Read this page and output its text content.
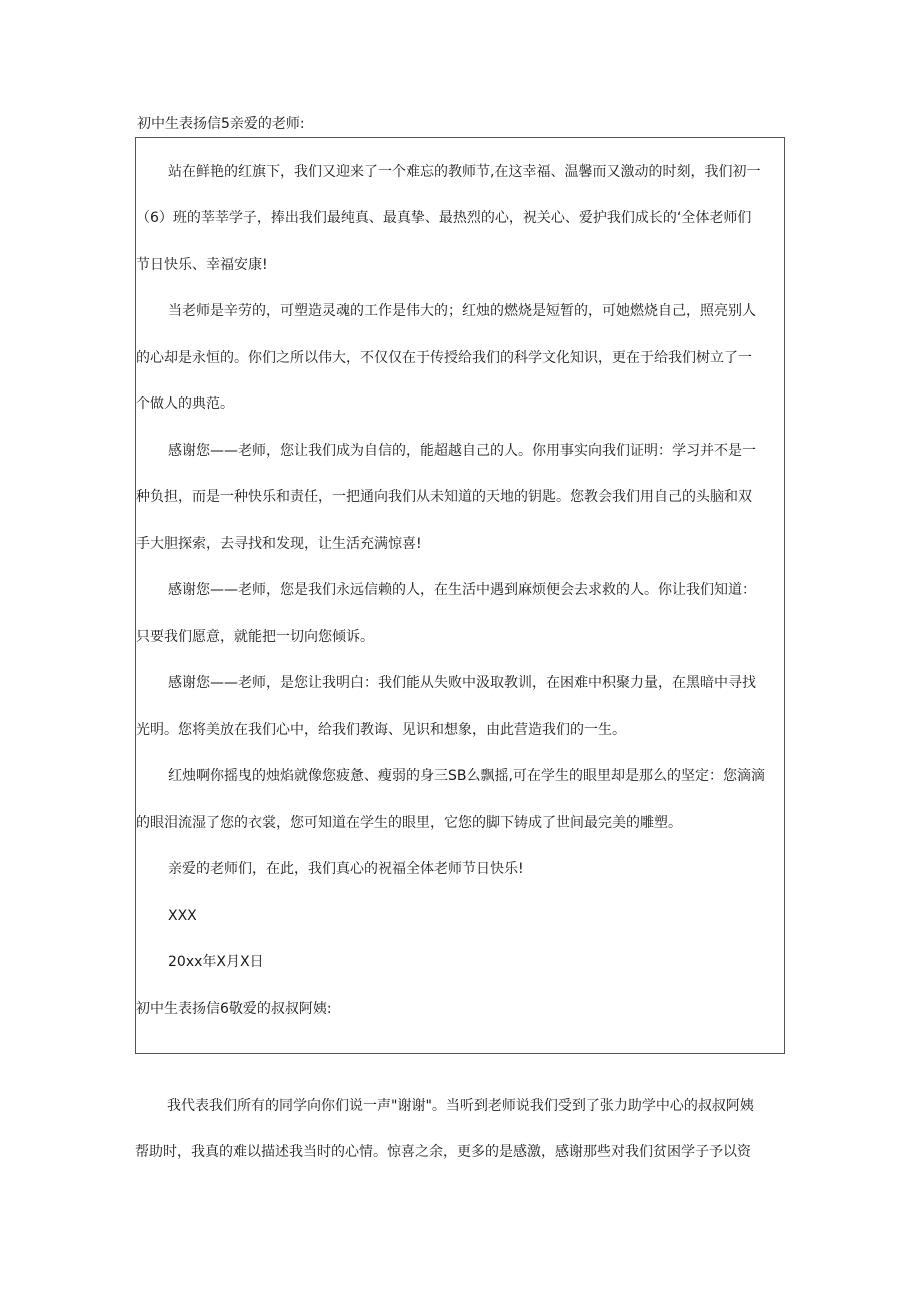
初中生表扬信5亲爱的老师:
站在鲜艳的红旗下，我们又迎来了一个难忘的教师节,在这幸福、温馨而又激动的时刻，我们初一
（6）班的莘莘学子，捧出我们最纯真、最真挚、最热烈的心，祝关心、爱护我们成长的‘全体老师们
节日快乐、幸福安康!
当老师是辛劳的，可塑造灵魂的工作是伟大的；红烛的燃烧是短暂的，可她燃烧自己，照亮别人
的心却是永恒的。你们之所以伟大，不仅仅在于传授给我们的科学文化知识，更在于给我们树立了一
个做人的典范。
感谢您——老师，您让我们成为自信的，能超越自己的人。你用事实向我们证明：学习并不是一
种负担，而是一种快乐和责任，一把通向我们从未知道的天地的钥匙。您教会我们用自己的头脑和双
手大胆探索，去寻找和发现，让生活充满惊喜!
感谢您——老师，您是我们永远信赖的人，在生活中遇到麻烦便会去求救的人。你让我们知道：
只要我们愿意，就能把一切向您倾诉。
感谢您——老师，是您让我明白：我们能从失败中汲取教训，在困难中积聚力量，在黑暗中寻找
光明。您将美放在我们心中，给我们教诲、见识和想象，由此营造我们的一生。
红烛啊你摇曳的烛焰就像您疲惫、瘦弱的身三SB么飘摇,可在学生的眼里却是那么的坚定：您滴滴
的眼泪流湿了您的衣裳，您可知道在学生的眼里，它您的脚下铸成了世间最完美的雕塑。
亲爱的老师们，在此，我们真心的祝福全体老师节日快乐!
XXX
20xx年X月X日
初中生表扬信6敬爱的叔叔阿姨:
我代表我们所有的同学向你们说一声"谢谢"。当听到老师说我们受到了张力助学中心的叔叔阿姨
帮助时，我真的难以描述我当时的心情。惊喜之余，更多的是感激，感谢那些对我们贫困学子予以资
